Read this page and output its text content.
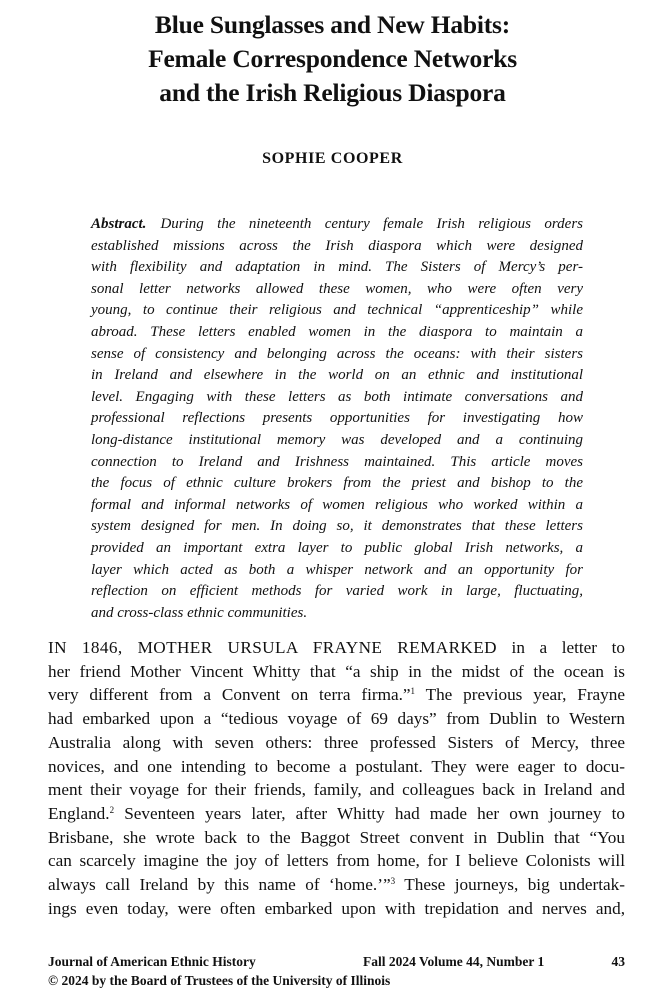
Blue Sunglasses and New Habits:
Female Correspondence Networks
and the Irish Religious Diaspora
SOPHIE COOPER
Abstract. During the nineteenth century female Irish religious orders
established missions across the Irish diaspora which were designed
with flexibility and adaptation in mind. The Sisters of Mercy’s per-
sonal letter networks allowed these women, who were often very
young, to continue their religious and technical “apprenticeship” while
abroad. These letters enabled women in the diaspora to maintain a
sense of consistency and belonging across the oceans: with their sisters
in Ireland and elsewhere in the world on an ethnic and institutional
level. Engaging with these letters as both intimate conversations and
professional reflections presents opportunities for investigating how
long-distance institutional memory was developed and a continuing
connection to Ireland and Irishness maintained. This article moves
the focus of ethnic culture brokers from the priest and bishop to the
formal and informal networks of women religious who worked within a
system designed for men. In doing so, it demonstrates that these letters
provided an important extra layer to public global Irish networks, a
layer which acted as both a whisper network and an opportunity for
reflection on efficient methods for varied work in large, fluctuating,
and cross-class ethnic communities.
IN 1846, MOTHER URSULA FRAYNE REMARKED in a letter to
her friend Mother Vincent Whitty that “a ship in the midst of the ocean is
very different from a Convent on terra firma.”$^1$ The previous year, Frayne
had embarked upon a “tedious voyage of 69 days” from Dublin to Western
Australia along with seven others: three professed Sisters of Mercy, three
novices, and one intending to become a postulant. They were eager to docu-
ment their voyage for their friends, family, and colleagues back in Ireland and
England.$^2$ Seventeen years later, after Whitty had made her own journey to
Brisbane, she wrote back to the Baggot Street convent in Dublin that “You
can scarcely imagine the joy of letters from home, for I believe Colonists will
always call Ireland by this name of ‘home.’”$^3$ These journeys, big undertak-
ings even today, were often embarked upon with trepidation and nerves and,
Journal of American Ethnic History	Fall 2024 Volume 44, Number 1	43
© 2024 by the Board of Trustees of the University of Illinois
